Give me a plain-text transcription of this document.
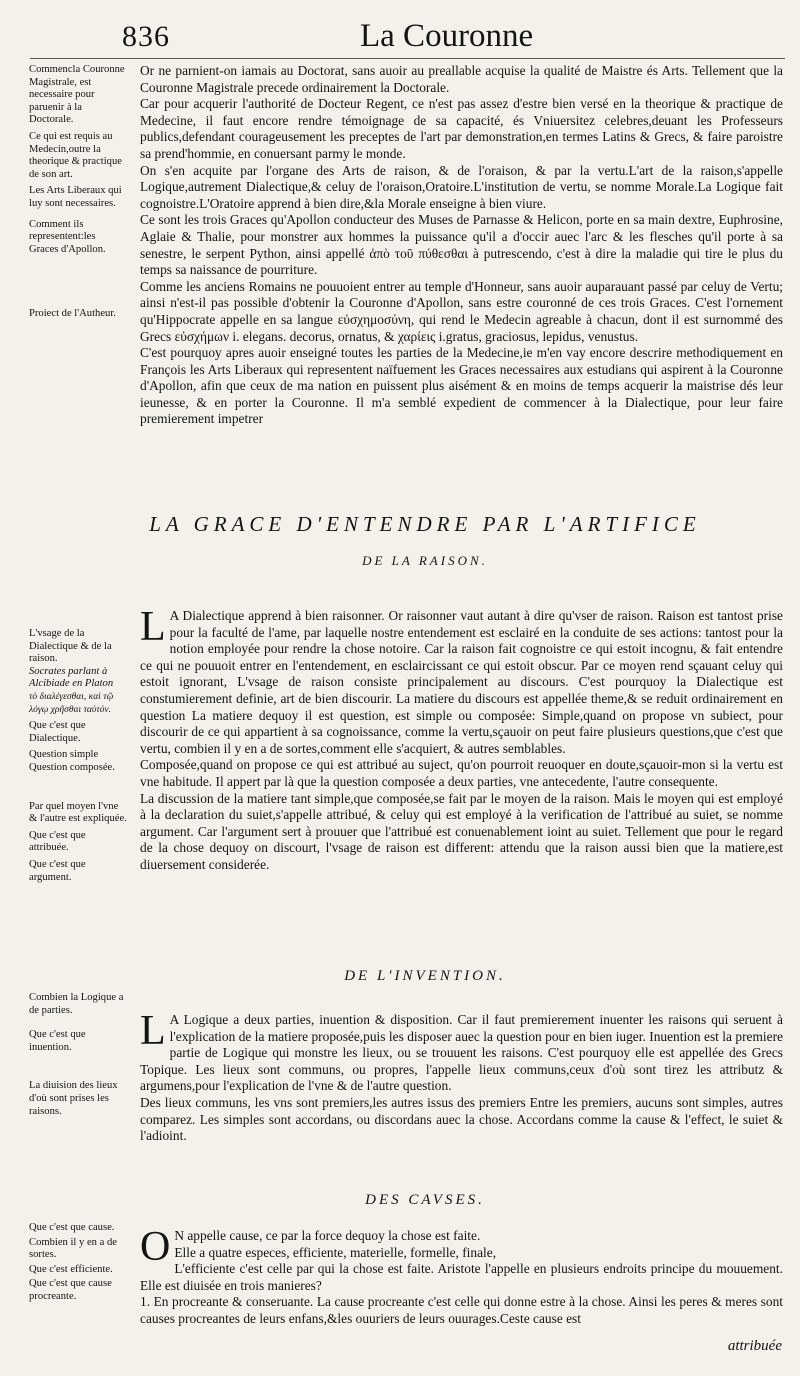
836	La Couronne

Commencla Couronne Magistrale, est necessaire pour paruenir à la Doctorale.

Ce qui est requis au Medecin,outre la theorique & practique de son art.

Les Arts Liberaux qui luy sont necessaires.

Comment ils representent:les Graces d'Apollon.

Proiect de l'Autheur.

Or ne parnient-on iamais au Doctorat, sans auoir au preallable acquise la qualité de Maistre és Arts. Tellement que la Couronne Magistrale precede ordinairement la Doctorale.

Car pour acquerir l'authorité de Docteur Regent, ce n'est pas assez d'estre bien versé en la theorique & practique de Medecine, il faut encore rendre témoignage de sa capacité, és Vniuersitez celebres,deuant les Professeurs publics,defendant courageusement les preceptes de l'art par demonstration,en termes Latins & Grecs, & faire paroistre sa prend'hommie, en conuersant parmy le monde.

On s'en acquite par l'organe des Arts de raison, & de l'oraison, & par la vertu.L'art de la raison,s'appelle Logique,autrement Dialectique,& celuy de l'oraison,Oratoire.L'institution de vertu, se nomme Morale.La Logique fait cognoistre.L'Oratoire apprend à bien dire,&la Morale enseigne à bien viure.

Ce sont les trois Graces qu'Apollon conducteur des Muses de Parnasse & Helicon, porte en sa main dextre, Euphrosine, Aglaie & Thalie, pour monstrer aux hommes la puissance qu'il a d'occir auec l'arc & les flesches qu'il porte à sa senestre, le serpent Python, ainsi appellé ἀπὸ τοῦ πύθεσθαι à putrescendo, c'est à dire la maladie qui tire le plus du temps sa naissance de pourriture.

Comme les anciens Romains ne pouuoient entrer au temple d'Honneur, sans auoir auparauant passé par celuy de Vertu; ainsi n'est-il pas possible d'obtenir la Couronne d'Apollon, sans estre couronné de ces trois Graces. C'est l'ornement qu'Hippocrate appelle en sa langue εὐσχημοσύνη, qui rend le Medecin agreable à chacun, dont il est surnommé des Grecs εὐσχήμων i. elegans. decorus, ornatus, & χαρίεις i.gratus, graciosus, lepidus, venustus.

C'est pourquoy apres auoir enseigné toutes les parties de la Medecine,ie m'en vay encore descrire methodiquement en François les Arts Liberaux qui representent naïfuement les Graces necessaires aux estudians qui aspirent à la Couronne d'Apollon, afin que ceux de ma nation en puissent plus aisément & en moins de temps acquerir la maistrise dés leur ieunesse, & en porter la Couronne. Il m'a semblé expedient de commencer à la Dialectique, pour leur faire premierement impetrer

LA GRACE D'ENTENDRE PAR L'ARTIFICE
DE LA RAISON.

L'vsage de la Dialectique & de la raison.

Socrates parlant à Alcibiade en Platon

τὸ διαλέγεσθαι, καὶ τῷ λόγῳ χρῆσθαι ταὐτόν.

Que c'est que Dialectique.

Question simple

Question composée.

Par quel moyen l'vne & l'autre est expliquée.

Que c'est que attribuée.

Que c'est que argument.

L A Dialectique apprend à bien raisonner. Or raisonner vaut autant à dire qu'vser de raison. Raison est tantost prise pour la faculté de l'ame, par laquelle nostre entendement est esclairé en la conduite de ses actions: tantost pour la notion employée pour rendre la chose notoire. Car la raison fait cognoistre ce qui estoit incognu, & fait entendre ce qui ne pouuoit entrer en l'entendement, en esclaircissant ce qui estoit obscur. Par ce moyen rend sçauant celuy qui estoit ignorant, L'vsage de raison consiste principalement au discours. C'est pourquoy la Dialectique est constumierement definie, art de bien discourir. La matiere du discours est appellée theme,& se reduit ordinairement en question La matiere dequoy il est question, est simple ou composée: Simple,quand on propose vn subiect, pour discourir de ce qui appartient à sa cognoissance, comme la vertu,sçauoir on peut faire plusieurs questions,que c'est que vertu, combien il y en a de sortes,comment elle s'acquiert, & autres semblables.

Composée,quand on propose ce qui est attribué au suject, qu'on pourroit reuoquer en doute,sçauoir-mon si la vertu est vne habitude. Il appert par là que la question composée a deux parties, vne antecedente, l'autre consequente.

La discussion de la matiere tant simple,que composée,se fait par le moyen de la raison. Mais le moyen qui est employé à la declaration du suiet,s'appelle attribué, & celuy qui est employé à la verification de l'attribué au suiet, se nomme argument. Car l'argument sert à prouuer que l'attribué est conuenablement ioint au suiet. Tellement que pour le regard de la chose dequoy on discourt, l'vsage de raison est different: attendu que la raison aussi bien que la matiere,est diuersement considerée.

DE L'INVENTION.

Combien la Logique a de parties.

Que c'est que inuention.

La diuision des lieux d'où sont prises les raisons.

L A Logique a deux parties, inuention & disposition. Car il faut premierement inuenter les raisons qui seruent à l'explication de la matiere proposée,puis les disposer auec la question pour en bien iuger. Inuention est la premiere partie de Logique qui monstre les lieux, ou se trouuent les raisons. C'est pourquoy elle est appellée des Grecs Topique. Les lieux sont communs, ou propres, l'appelle lieux communs,ceux d'où sont tirez les attributz & argumens,pour l'explication de l'vne & de l'autre question.

Des lieux communs, les vns sont premiers,les autres issus des premiers Entre les premiers, aucuns sont simples, autres comparez. Les simples sont accordans, ou discordans auec la chose. Accordans comme la cause & l'effect, le suiet & l'adioint.

DES CAVSES.

Que c'est que cause.

Combien il y en a de sortes.

Que c'est efficiente.

Que c'est que cause procreante.

O N appelle cause, ce par la force dequoy la chose est faite.

Elle a quatre especes, efficiente, materielle, formelle, finale,

L'efficiente c'est celle par qui la chose est faite. Aristote l'appelle en plusieurs endroits principe du mouuement. Elle est diuisée en trois manieres?

1. En procreante & conseruante. La cause procreante c'est celle qui donne estre à la chose. Ainsi les peres & meres sont causes procreantes de leurs enfans,&les ouuriers de leurs ouurages.Ceste cause est

attribuée
